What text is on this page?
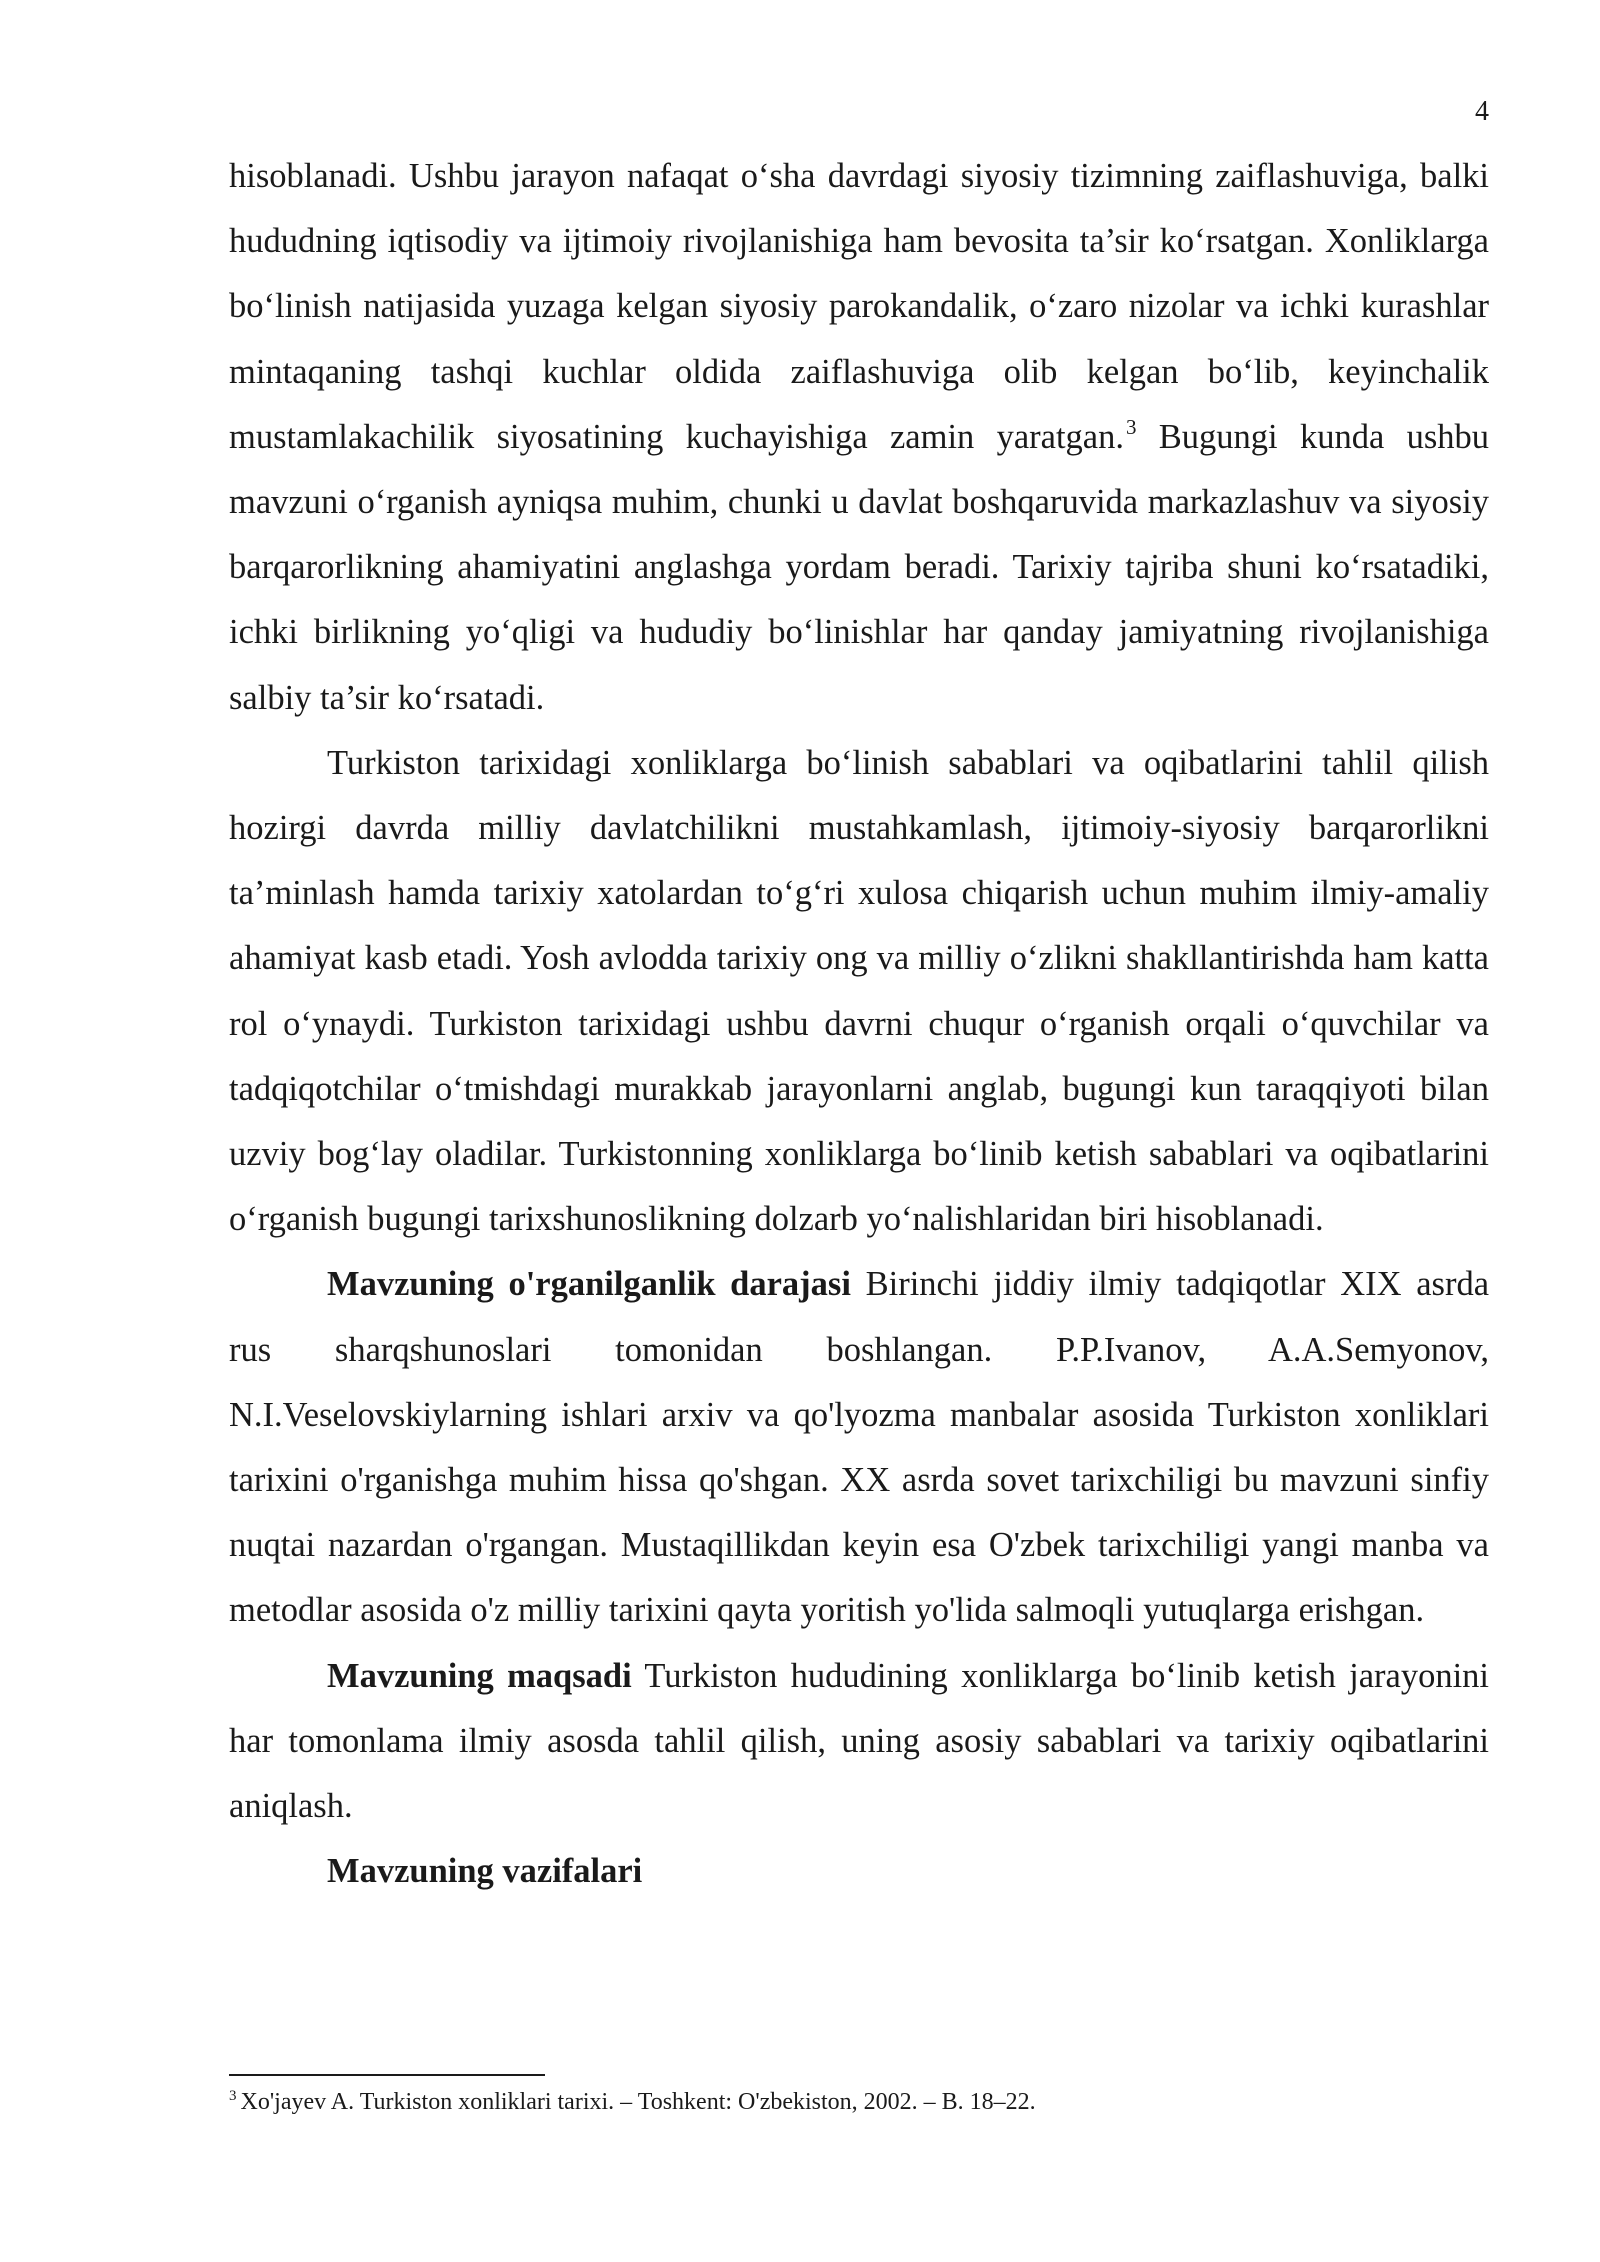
4

hisoblanadi. Ushbu jarayon nafaqat o‘sha davrdagi siyosiy tizimning zaiflashuviga, balki hududning iqtisodiy va ijtimoiy rivojlanishiga ham bevosita ta’sir ko‘rsatgan. Xonliklarga bo‘linish natijasida yuzaga kelgan siyosiy parokandalik, o‘zaro nizolar va ichki kurashlar mintaqaning tashqi kuchlar oldida zaiflashuviga olib kelgan bo‘lib, keyinchalik mustamlakachilik siyosatining kuchayishiga zamin yaratgan.$^3$ Bugungi kunda ushbu mavzuni o‘rganish ayniqsa muhim, chunki u davlat boshqaruvida markazlashuv va siyosiy barqarorlikning ahamiyatini anglashga yordam beradi. Tarixiy tajriba shuni ko‘rsatadiki, ichki birlikning yo‘qligi va hududiy bo‘linishlar har qanday jamiyatning rivojlanishiga salbiy ta’sir ko‘rsatadi.

Turkiston tarixidagi xonliklarga bo‘linish sabablari va oqibatlarini tahlil qilish hozirgi davrda milliy davlatchilikni mustahkamlash, ijtimoiy-siyosiy barqarorlikni ta’minlash hamda tarixiy xatolardan to‘g‘ri xulosa chiqarish uchun muhim ilmiy-amaliy ahamiyat kasb etadi. Yosh avlodda tarixiy ong va milliy o‘zlikni shakllantirishda ham katta rol o‘ynaydi. Turkiston tarixidagi ushbu davrni chuqur o‘rganish orqali o‘quvchilar va tadqiqotchilar o‘tmishdagi murakkab jarayonlarni anglab, bugungi kun taraqqiyoti bilan uzviy bog‘lay oladilar. Turkistonning xonliklarga bo‘linib ketish sabablari va oqibatlarini o‘rganish bugungi tarixshunoslikning dolzarb yo‘nalishlaridan biri hisoblanadi.

Mavzuning o'rganilganlik darajasi Birinchi jiddiy ilmiy tadqiqotlar XIX asrda rus sharqshunoslari tomonidan boshlangan. P.P.Ivanov, A.A.Semyonov, N.I.Veselovskiylarning ishlari arxiv va qo'lyozma manbalar asosida Turkiston xonliklari tarixini o'rganishga muhim hissa qo'shgan. XX asrda sovet tarixchiligi bu mavzuni sinfiy nuqtai nazardan o'rgangan. Mustaqillikdan keyin esa O'zbek tarixchiligi yangi manba va metodlar asosida o'z milliy tarixini qayta yoritish yo'lida salmoqli yutuqlarga erishgan.

Mavzuning maqsadi Turkiston hududining xonliklarga bo‘linib ketish jarayonini har tomonlama ilmiy asosda tahlil qilish, uning asosiy sabablari va tarixiy oqibatlarini aniqlash.

Mavzuning vazifalari

$^3$ Xo'jayev A. Turkiston xonliklari tarixi. – Toshkent: O'zbekiston, 2002. – B. 18–22.
